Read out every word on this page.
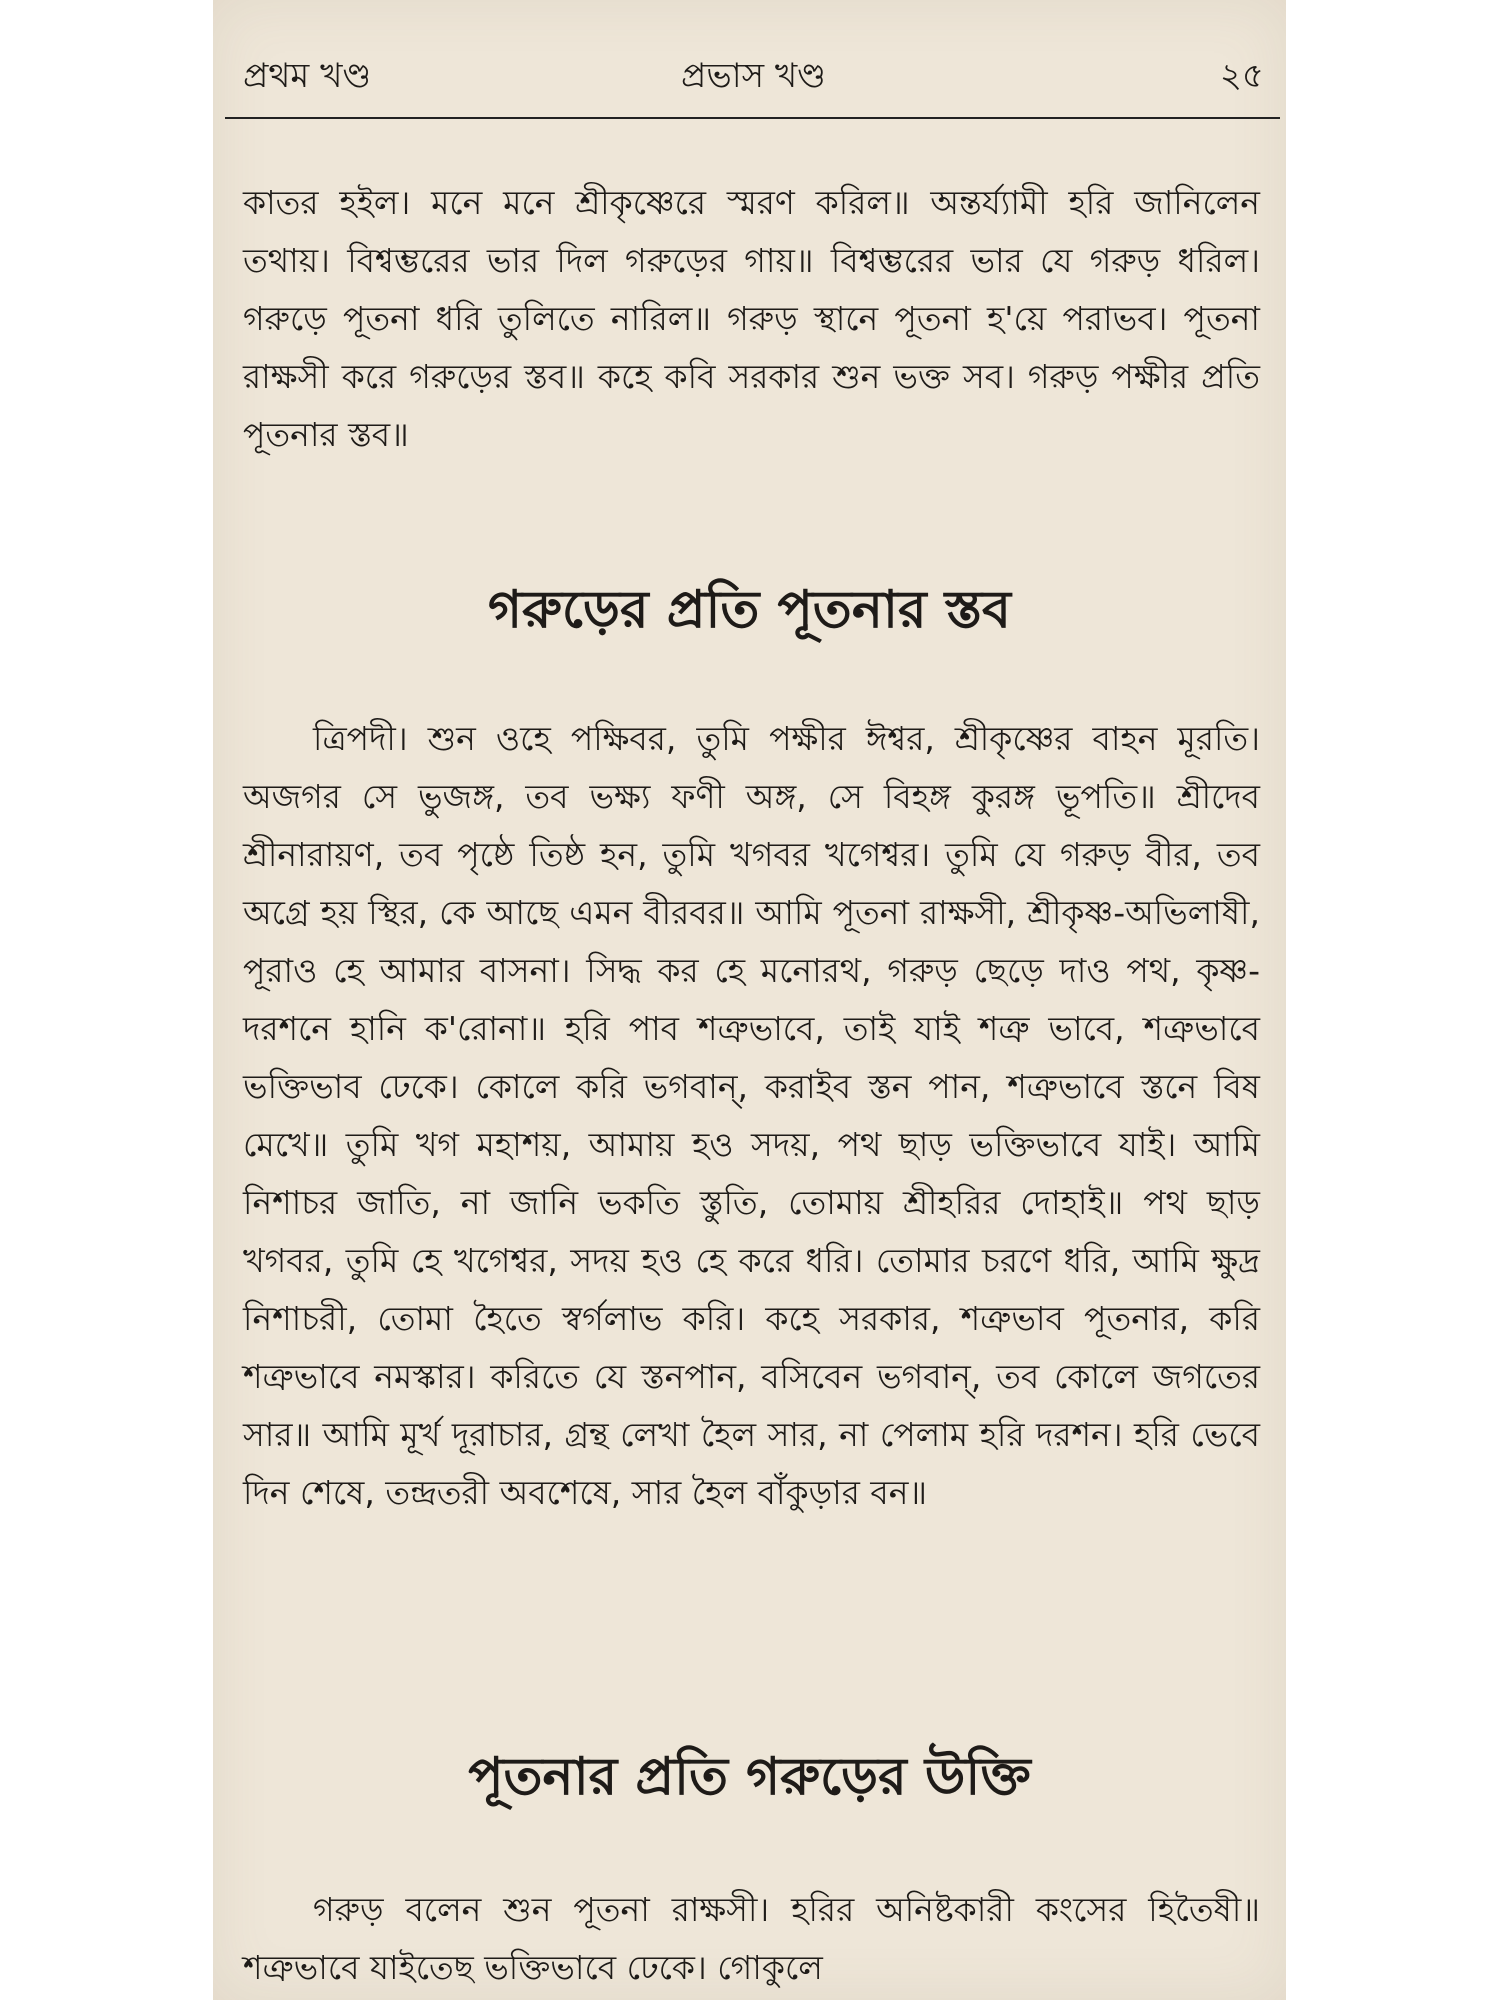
প্রভাস খণ্ড
প্রথম খণ্ড	২৫

কাতর হইল। মনে মনে শ্রীকৃষ্ণেরে স্মরণ করিল॥ অন্তর্য্যামী হরি জানিলেন তথায়। বিশ্বম্ভরের ভার দিল গরুড়ের গায়॥ বিশ্বম্ভরের ভার যে গরুড় ধরিল। গরুড়ে পূতনা ধরি তুলিতে নারিল॥ গরুড় স্থানে পূতনা হ'য়ে পরাভব। পূতনা রাক্ষসী করে গরুড়ের স্তব॥ কহে কবি সরকার শুন ভক্ত সব। গরুড় পক্ষীর প্রতি পূতনার স্তব॥

গরুড়ের প্রতি পূতনার স্তব

ত্রিপদী। শুন ওহে পক্ষিবর, তুমি পক্ষীর ঈশ্বর, শ্রীকৃষ্ণের বাহন মূরতি। অজগর সে ভুজঙ্গ, তব ভক্ষ্য ফণী অঙ্গ, সে বিহঙ্গ কুরঙ্গ ভূপতি॥ শ্রীদেব শ্রীনারায়ণ, তব পৃষ্ঠে তিষ্ঠ হন, তুমি খগবর খগেশ্বর। তুমি যে গরুড় বীর, তব অগ্রে হয় স্থির, কে আছে এমন বীরবর॥ আমি পূতনা রাক্ষসী, শ্রীকৃষ্ণ-অভিলাষী, পূরাও হে আমার বাসনা। সিদ্ধ কর হে মনোরথ, গরুড় ছেড়ে দাও পথ, কৃষ্ণ-দরশনে হানি ক'রোনা॥ হরি পাব শত্রুভাবে, তাই যাই শত্রু ভাবে, শত্রুভাবে ভক্তিভাব ঢেকে। কোলে করি ভগবান্, করাইব স্তন পান, শত্রুভাবে স্তনে বিষ মেখে॥ তুমি খগ মহাশয়, আমায় হও সদয়, পথ ছাড় ভক্তিভাবে যাই। আমি নিশাচর জাতি, না জানি ভকতি স্তুতি, তোমায় শ্রীহরির দোহাই॥ পথ ছাড় খগবর, তুমি হে খগেশ্বর, সদয় হও হে করে ধরি। তোমার চরণে ধরি, আমি ক্ষুদ্র নিশাচরী, তোমা হৈতে স্বর্গলাভ করি। কহে সরকার, শত্রুভাব পূতনার, করি শত্রুভাবে নমস্কার। করিতে যে স্তনপান, বসিবেন ভগবান্, তব কোলে জগতের সার॥ আমি মূর্খ দূরাচার, গ্রন্থ লেখা হৈল সার, না পেলাম হরি দরশন। হরি ভেবে দিন শেষে, তন্দ্রতরী অবশেষে, সার হৈল বাঁকুড়ার বন॥

পূতনার প্রতি গরুড়ের উক্তি

গরুড় বলেন শুন পূতনা রাক্ষসী। হরির অনিষ্টকারী কংসের হিতৈষী॥ শত্রুভাবে যাইতেছ ভক্তিভাবে ঢেকে। গোকুলে
